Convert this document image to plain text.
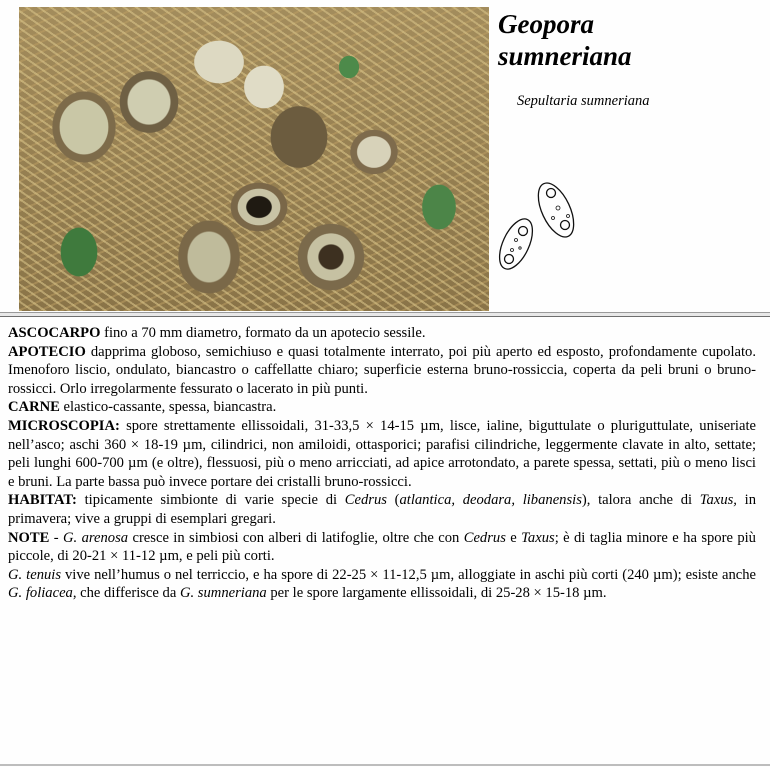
Geopora
sumneriana
Sepultaria sumneriana

ASCOCARPO fino a 70 mm diametro, formato da un apotecio sessile.

APOTECIO dapprima globoso, semichiuso e quasi totalmente interrato, poi più aperto ed esposto, profondamente cupolato. Imenoforo liscio, ondulato, biancastro o caffellatte chiaro; superficie esterna bruno-rossiccia, coperta da peli bruni o bruno-rossicci. Orlo irregolarmente fessurato o lacerato in più punti.

CARNE elastico-cassante, spessa, biancastra.

MICROSCOPIA: spore strettamente ellissoidali, 31-33,5 × 14-15 µm, lisce, ialine, biguttulate o pluriguttulate, uniseriate nell’asco; aschi 360 × 18-19 µm, cilindrici, non amiloidi, ottasporici; parafisi cilindriche, leggermente clavate in alto, settate; peli lunghi 600-700 µm (e oltre), flessuosi, più o meno arricciati, ad apice arrotondato, a parete spessa, settati, più o meno lisci e bruni. La parte bassa può invece portare dei cristalli bruno-rossicci.

HABITAT: tipicamente simbionte di varie specie di Cedrus (atlantica, deodara, libanensis), talora anche di Taxus, in primavera; vive a gruppi di esemplari gregari.

NOTE - G. arenosa cresce in simbiosi con alberi di latifoglie, oltre che con Cedrus e Taxus; è di taglia minore e ha spore più piccole, di 20-21 × 11-12 µm, e peli più corti.

G. tenuis vive nell’humus o nel terriccio, e ha spore di 22-25 × 11-12,5 µm, alloggiate in aschi più corti (240 µm); esiste anche G. foliacea, che differisce da G. sumneriana per le spore largamente ellissoidali, di 25-28 × 15-18 µm.
